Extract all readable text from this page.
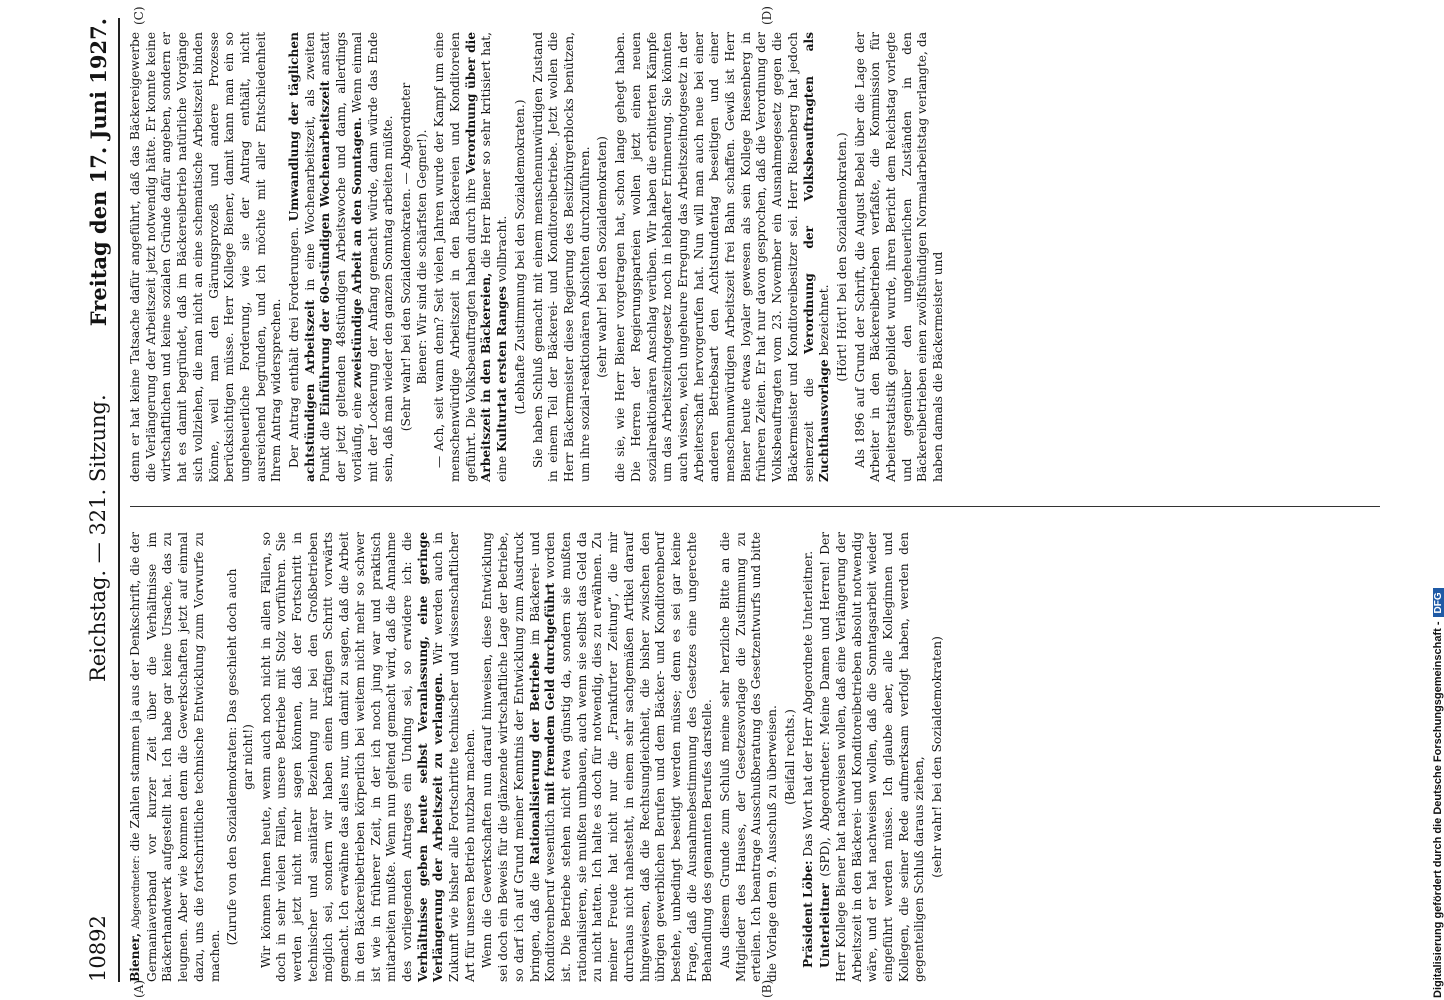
10892
Reichstag. — 321. Sitzung.
Freitag den 17. Juni 1927.
(A)	(B)
(C)	(D)

Biener, Abgeordneter: die Zahlen stammen ja aus der Denkschrift, die der Germaniaverband vor kurzer Zeit über die Verhältnisse im Bäckerhandwerk aufgestellt hat. Ich habe gar keine Ursache, das zu leugnen. Aber wie kommen denn die Gewerkschaften jetzt auf einmal dazu, uns die fortschrittliche technische Entwicklung zum Vorwurfe zu machen.

(Zurufe von den Sozialdemokraten: Das geschieht doch auch gar nicht!) Wir können Ihnen heute, wenn auch noch nicht in allen Fällen, so doch in sehr vielen Fällen, unsere Betriebe mit Stolz vorführen. Sie werden jetzt nicht mehr sagen können, daß der Fortschritt in technischer und sanitärer Beziehung nur bei den Großbetrieben möglich sei, sondern wir haben einen kräftigen Schritt vorwärts gemacht. Ich erwähne das alles nur, um damit zu sagen, daß die Arbeit in den Bäckereibetrieben körperlich bei weitem nicht mehr so schwer ist wie in früherer Zeit, in der ich noch jung war und praktisch mitarbeiten mußte. Wenn nun geltend gemacht wird, daß die Annahme des vorliegenden Antrages ein Unding sei, so erwidere ich: die Verhältnisse geben heute selbst Veranlassung, eine geringe Verlängerung der Arbeitszeit zu verlangen. Wir werden auch in Zukunft wie bisher alle Fortschritte technischer und wissenschaftlicher Art für unseren Betrieb nutzbar machen. Wenn die Gewerkschaften nun darauf hinweisen, diese Entwicklung sei doch ein Beweis für die glänzende wirtschaftliche Lage der Betriebe, so darf ich auf Grund meiner Kenntnis der Entwicklung zum Ausdruck bringen, daß die Rationalisierung der Betriebe im Bäckerei- und Konditorenberuf wesentlich mit fremdem Geld durchgeführt worden ist. Die Betriebe stehen nicht etwa günstig da, sondern sie mußten rationalisieren, sie mußten umbauen, auch wenn sie selbst das Geld da zu nicht hatten. Ich halte es doch für notwendig, dies zu erwähnen. Zu meiner Freude hat nicht nur die „Frankfurter Zeitung“, die mir durchaus nicht nahesteht, in einem sehr sachgemäßen Artikel darauf hingewiesen, daß die Rechtsungleichheit, die bisher zwischen den übrigen gewerblichen Berufen und dem Bäcker- und Konditorenberuf bestehe, unbedingt beseitigt werden müsse; denn es sei gar keine Frage, daß die Ausnahmebestimmung des Gesetzes eine ungerechte Behandlung des genannten Berufes darstelle. Aus diesem Grunde zum Schluß meine sehr herzliche Bitte an die Mitglieder des Hauses, der Gesetzesvorlage die Zustimmung zu erteilen. Ich beantrage Ausschußberatung des Gesetzentwurfs und bitte die Vorlage dem 9. Ausschuß zu überweisen. (Beifall rechts.)

Präsident Löbe: Das Wort hat der Herr Abgeordnete Unterleitner.

Unterleitner (SPD), Abgeordneter: Meine Damen und Herren! Der Herr Kollege Biener hat nachweisen wollen, daß eine Verlängerung der Arbeitszeit in den Bäckerei- und Konditoreibetrieben absolut notwendig wäre, und er hat nachweisen wollen, daß die Sonntagsarbeit wieder eingeführt werden müsse. Ich glaube aber, alle Kolleginnen und Kollegen, die seiner Rede aufmerksam verfolgt haben, werden den gegenteiligen Schluß daraus ziehen, (sehr wahr! bei den Sozialdemokraten)

denn er hat keine Tatsache dafür angeführt, daß das Bäckereigewerbe die Verlängerung der Arbeitszeit jetzt notwendig hätte. Er konnte keine wirtschaftlichen und keine sozialen Gründe dafür angeben, sondern er hat es damit begründet, daß im Bäckereibetrieb natürliche Vorgänge sich vollziehen, die man nicht an eine schematische Arbeitszeit binden könne, weil man den Gärungsprozeß und andere Prozesse berücksichtigen müsse. Herr Kollege Biener, damit kann man ein so ungeheuerliche Forderung, wie sie der Antrag enthält, nicht ausreichend begründen, und ich möchte mit aller Entschiedenheit Ihrem Antrag widersprechen. Der Antrag enthält drei Forderungen. Umwandlung der täglichen achtstündigen Arbeitszeit in eine Wochenarbeitszeit, als zweiten Punkt die Einführung der 60-stündigen Wochenarbeitszeit anstatt der jetzt geltenden 48stündigen Arbeitswoche und dann, allerdings vorläufig, eine zweistündige Arbeit an den Sonntagen. Wenn einmal mit der Lockerung der Anfang gemacht würde, dann würde das Ende sein, daß man wieder den ganzen Sonntag arbeiten müßte. (Sehr wahr! bei den Sozialdemokraten. — Abgeordneter Biener: Wir sind die schärfsten Gegner!). — Ach, seit wann denn? Seit vielen Jahren wurde der Kampf um eine menschenwürdige Arbeitszeit in den Bäckereien und Konditoreien geführt. Die Volksbeauftragten haben durch ihre Verordnung über die Arbeitszeit in den Bäckereien, die Herr Biener so sehr kritisiert hat, eine Kulturtat ersten Ranges vollbracht. (Lebhafte Zustimmung bei den Sozialdemokraten.) Sie haben Schluß gemacht mit einem menschenunwürdigen Zustand in einem Teil der Bäckerei- und Konditoreibetriebe. Jetzt wollen die Herr Bäckermeister diese Regierung des Besitzbürgerblocks benützen, um ihre sozial-reaktionären Absichten durchzuführen. (sehr wahr! bei den Sozialdemokraten) die sie, wie Herr Biener vorgetragen hat, schon lange gehegt haben. Die Herren der Regierungsparteien wollen jetzt einen neuen sozialreaktionären Anschlag verüben. Wir haben die erbitterten Kämpfe um das Arbeitszeitnotgesetz noch in lebhafter Erinnerung. Sie könnten auch wissen, welch ungeheure Erregung das Arbeitszeitnotgesetz in der Arbeiterschaft hervorgerufen hat. Nun will man auch neue bei einer anderen Betriebsart den Achtstundentag beseitigen und einer menschenunwürdigen Arbeitszeit frei Bahn schaffen. Gewiß ist Herr Biener heute etwas loyaler gewesen als sein Kollege Riesenberg in früheren Zeiten. Er hat nur davon gesprochen, daß die Verordnung der Volksbeauftragten vom 23. November ein Ausnahmegesetz gegen die Bäckermeister und Konditoreibesitzer sei. Herr Riesenberg hat jedoch seinerzeit die Verordnung der Volksbeauftragten als Zuchthausvorlage bezeichnet. (Hört! Hört! bei den Sozialdemokraten.) Als 1896 auf Grund der Schrift, die August Bebel über die Lage der Arbeiter in den Bäckereibetrieben verfaßte, die Kommission für Arbeiterstatistik gebildet wurde, ihren Bericht dem Reichstag vorlegte und gegenüber den ungeheuerlichen Zuständen in den Bäckereibetrieben einen zwölfstündigen Normalarbeitstag verlangte, da haben damals die Bäckermeister und

Digitalisierung gefördert durch die Deutsche Forschungsgemeinschaft -DFG
